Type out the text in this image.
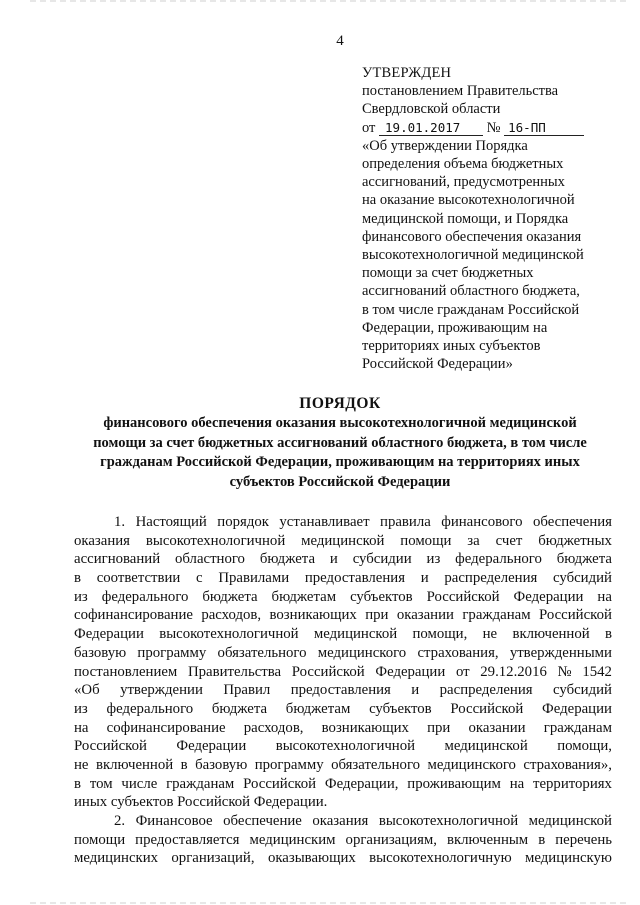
4
УТВЕРЖДЕН
постановлением Правительства
Свердловской области
от 19.01.2017 № 16-ПП
«Об утверждении Порядка
определения объема бюджетных
ассигнований, предусмотренных
на оказание высокотехнологичной
медицинской помощи, и Порядка
финансового обеспечения оказания
высокотехнологичной медицинской
помощи за счет бюджетных
ассигнований областного бюджета,
в том числе гражданам Российской
Федерации, проживающим на
территориях иных субъектов
Российской Федерации»
ПОРЯДОК
финансового обеспечения оказания высокотехнологичной медицинской
помощи за счет бюджетных ассигнований областного бюджета, в том числе
гражданам Российской Федерации, проживающим на территориях иных
субъектов Российской Федерации
1. Настоящий порядок устанавливает правила финансового обеспечения
оказания высокотехнологичной медицинской помощи за счет бюджетных
ассигнований областного бюджета и субсидии из федерального бюджета
в соответствии с Правилами предоставления и распределения субсидий
из федерального бюджета бюджетам субъектов Российской Федерации на
софинансирование расходов, возникающих при оказании гражданам Российской
Федерации высокотехнологичной медицинской помощи, не включенной в
базовую программу обязательного медицинского страхования, утвержденными
постановлением Правительства Российской Федерации от 29.12.2016 № 1542
«Об утверждении Правил предоставления и распределения субсидий
из федерального бюджета бюджетам субъектов Российской Федерации
на софинансирование расходов, возникающих при оказании гражданам
Российской Федерации высокотехнологичной медицинской помощи,
не включенной в базовую программу обязательного медицинского страхования»,
в том числе гражданам Российской Федерации, проживающим на территориях
иных субъектов Российской Федерации.
2. Финансовое обеспечение оказания высокотехнологичной медицинской
помощи предоставляется медицинским организациям, включенным в перечень
медицинских организаций, оказывающих высокотехнологичную медицинскую
